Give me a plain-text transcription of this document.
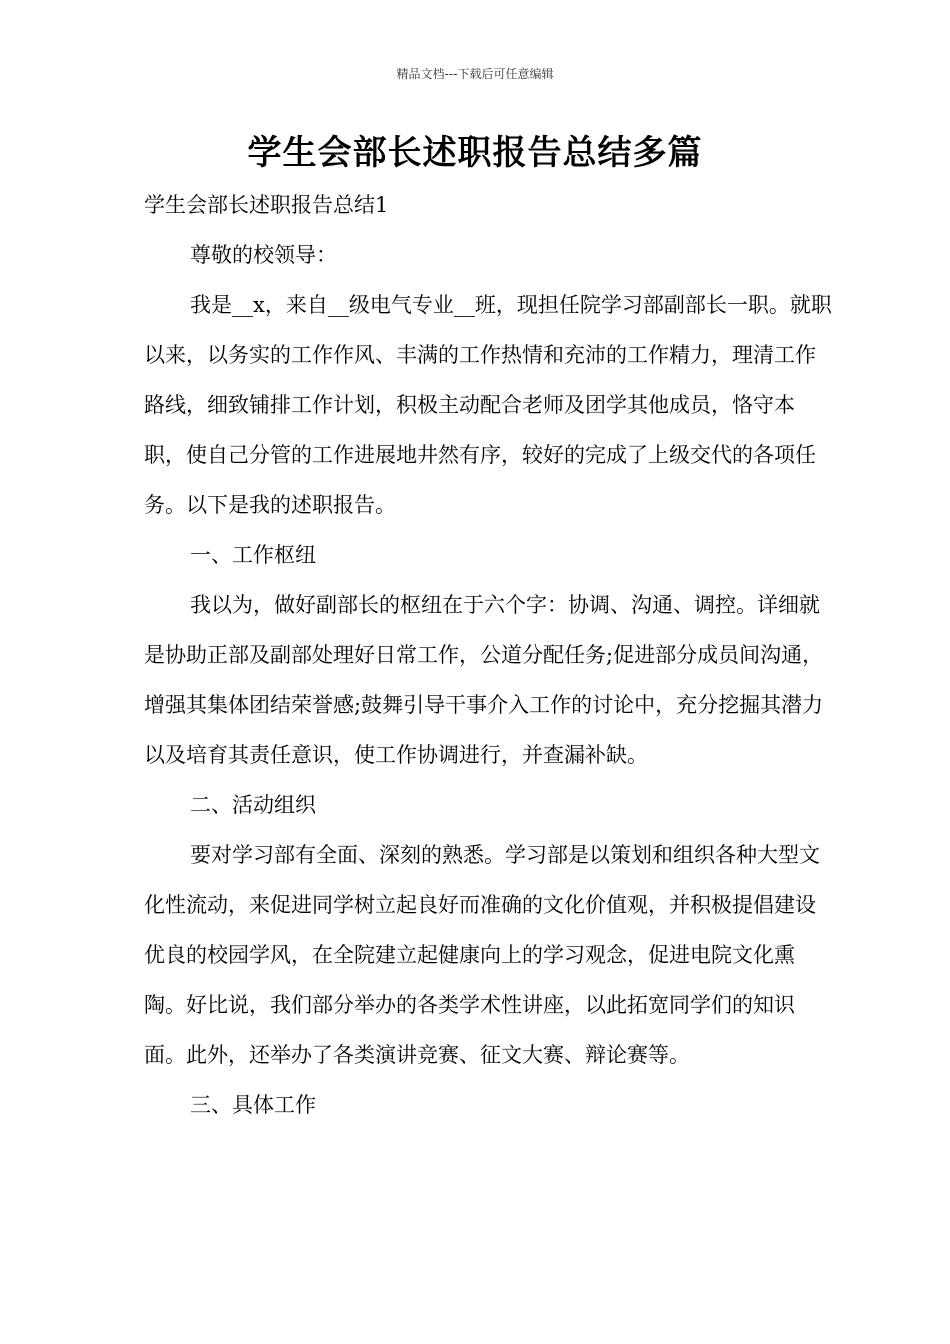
精品文档---下载后可任意编辑
学生会部长述职报告总结多篇

学生会部长述职报告总结1

尊敬的校领导：

我是__x，来自__级电气专业__班，现担任院学习部副部长一职。就职以来，以务实的工作作风、丰满的工作热情和充沛的工作精力，理清工作路线，细致铺排工作计划，积极主动配合老师及团学其他成员，恪守本职，使自己分管的工作进展地井然有序，较好的完成了上级交代的各项任务。以下是我的述职报告。

一、工作枢纽

我以为，做好副部长的枢纽在于六个字：协调、沟通、调控。详细就是协助正部及副部处理好日常工作，公道分配任务;促进部分成员间沟通，增强其集体团结荣誉感;鼓舞引导干事介入工作的讨论中，充分挖掘其潜力以及培育其责任意识，使工作协调进行，并查漏补缺。

二、活动组织

要对学习部有全面、深刻的熟悉。学习部是以策划和组织各种大型文化性流动，来促进同学树立起良好而准确的文化价值观，并积极提倡建设优良的校园学风，在全院建立起健康向上的学习观念，促进电院文化熏陶。好比说，我们部分举办的各类学术性讲座，以此拓宽同学们的知识面。此外，还举办了各类演讲竞赛、征文大赛、辩论赛等。

三、具体工作
